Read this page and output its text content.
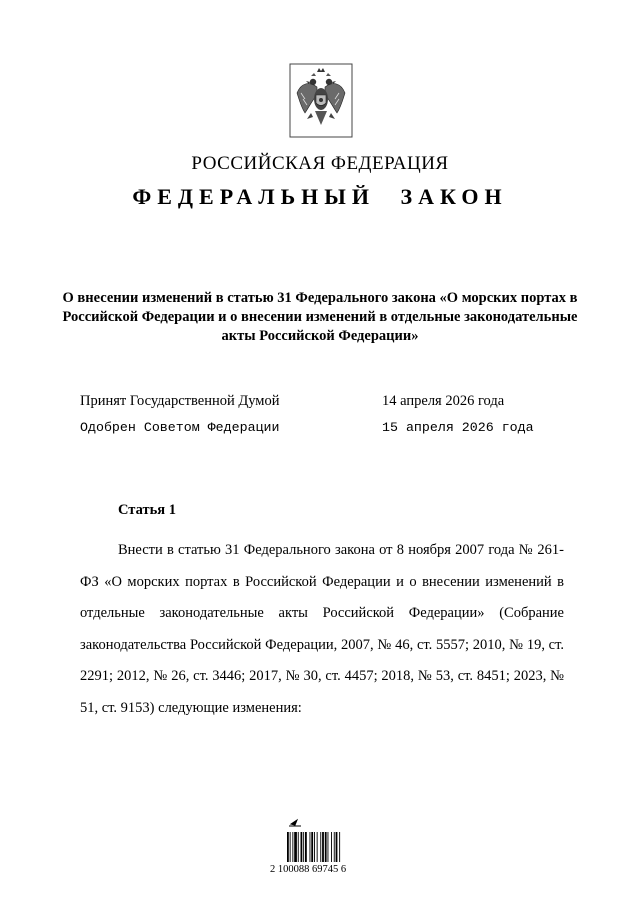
РОССИЙСКАЯ ФЕДЕРАЦИЯ
ФЕДЕРАЛЬНЫЙ ЗАКОН
О внесении изменений в статью 31 Федерального закона «О морских портах в Российской Федерации и о внесении изменений в отдельные законодательные акты Российской Федерации»
Принят Государственной Думой	14 апреля 2026 года
Одобрен Советом Федерации	15 апреля 2026 года
Статья 1

Внести в статью 31 Федерального закона от 8 ноября 2007 года № 261-ФЗ «О морских портах в Российской Федерации и о внесении изменений в отдельные законодательные акты Российской Федерации» (Собрание законодательства Российской Федерации, 2007, № 46, ст. 5557; 2010, № 19, ст. 2291; 2012, № 26, ст. 3446; 2017, № 30, ст. 4457; 2018, № 53, ст. 8451; 2023, № 51, ст. 9153) следующие изменения:

2 100088 69745 6
